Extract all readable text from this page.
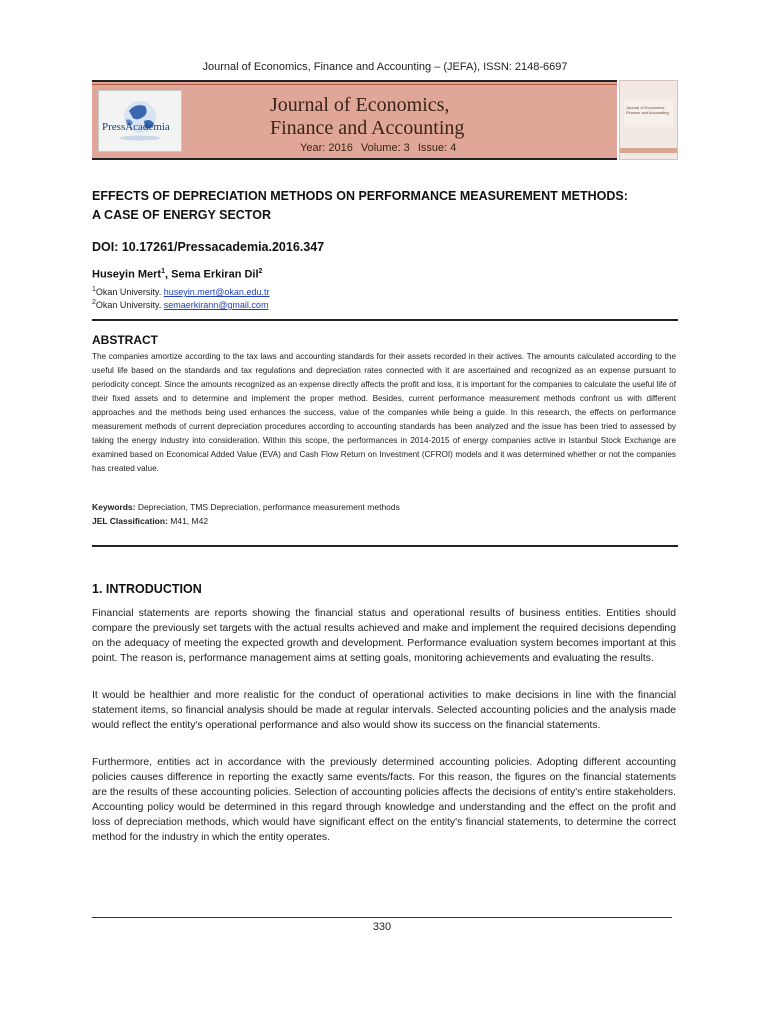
Journal of Economics, Finance and Accounting – (JEFA), ISSN: 2148-6697
PressAcademia
Journal of Economics,
Finance and Accounting
Year: 2016 Volume: 3 Issue: 4
Journal of Economics, Finance and Accounting
EFFECTS OF DEPRECIATION METHODS ON PERFORMANCE MEASUREMENT METHODS:
A CASE OF ENERGY SECTOR
DOI: 10.17261/Pressacademia.2016.347
Huseyin Mert$^1$, Sema Erkiran Dil$^2$
$^1$Okan University. huseyin.mert@okan.edu.tr
$^2$Okan University. semaerkirann@gmail.com
ABSTRACT
The companies amortize according to the tax laws and accounting standards for their assets recorded in their actives. The amounts calculated according to the useful life based on the standards and tax regulations and depreciation rates connected with it are ascertained and recognized as an expense pursuant to periodicity concept. Since the amounts recognized as an expense directly affects the profit and loss, it is important for the companies to calculate the useful life of their fixed assets and to determine and implement the proper method. Besides, current performance measurement methods confront us with different approaches and the methods being used enhances the success, value of the companies while being a guide. In this research, the effects on performance measurement methods of current depreciation procedures according to accounting standards has been analyzed and the issue has been tried to assessed by taking the energy industry into consideration. Within this scope, the performances in 2014-2015 of energy companies active in Istanbul Stock Exchange are examined based on Economical Added Value (EVA) and Cash Flow Return on Investment (CFROI) models and it was determined whether or not the companies has created value.
Keywords: Depreciation, TMS Depreciation, performance measurement methods
JEL Classification: M41, M42
1. INTRODUCTION
Financial statements are reports showing the financial status and operational results of business entities. Entities should compare the previously set targets with the actual results achieved and make and implement the required decisions depending on the adequacy of meeting the expected growth and development. Performance evaluation system becomes important at this point. The reason is, performance management aims at setting goals, monitoring achievements and evaluating the results.
It would be healthier and more realistic for the conduct of operational activities to make decisions in line with the financial statement items, so financial analysis should be made at regular intervals. Selected accounting policies and the analysis made would reflect the entity's operational performance and also would show its success on the financial statements.
Furthermore, entities act in accordance with the previously determined accounting policies. Adopting different accounting policies causes difference in reporting the exactly same events/facts. For this reason, the figures on the financial statements are the results of these accounting policies. Selection of accounting policies affects the decisions of entity's entire stakeholders. Accounting policy would be determined in this regard through knowledge and understanding and the effect on the profit and loss of depreciation methods, which would have significant effect on the entity's financial statements, to determine the correct method for the industry in which the entity operates.
330
